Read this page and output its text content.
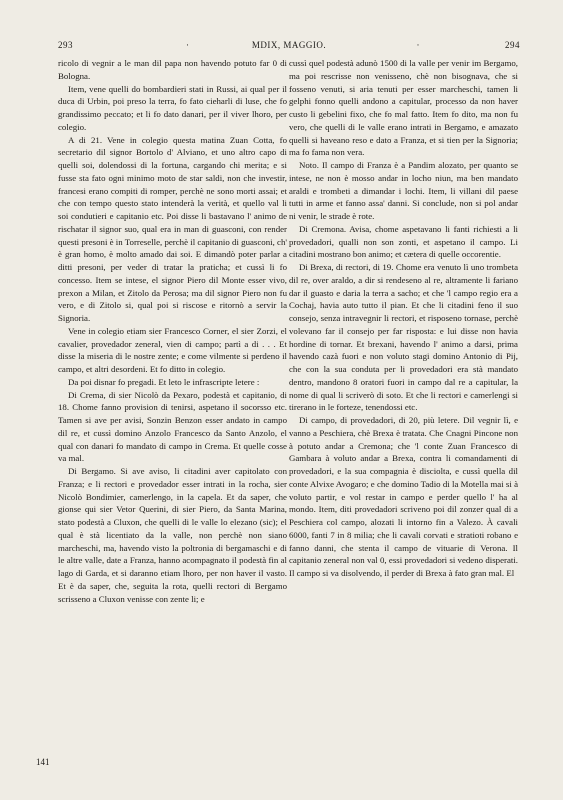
293	·	MDIX, MAGGIO.	·	294

ricolo di vegnir a le man dil papa non havendo potuto far 0 di Bologna.

Item, vene quelli do bombardieri stati in Russi, ai qual per il duca di Urbin, poi preso la terra, fo fato cieharli di luse, che fo grandissimo peccato; et li fo dato danari, per il viver lhoro, per colegio.

A di 21. Vene in colegio questa matina Zuan Cotta, fo secretario dil signor Bortolo d' Alviano, et uno altro capo di quelli soi, dolendossi di la fortuna, cargando chi merita; e si fusse sta fato ogni minimo moto de star saldi, non che investir, francesi erano compiti di romper, perchè ne sono morti assai; et che con tempo questo stato intenderà la verità, et quello val li soi condutieri e capitanio etc. Poi disse li bastavano l' animo de rischatar il signor suo, qual era in man di guasconi, con render questi presoni è in Torreselle, perchè il capitanio di guasconi, ch' è gran homo, è molto amado dai soi. E dimandò poter parlar a ditti presoni, per veder di tratar la praticha; et cussì li fo concesso. Item se intese, el signor Piero dil Monte esser vivo, prexon a Milan, et Zitolo da Perosa; ma dil signor Piero non fu vero, e di Zitolo si, qual poi si riscose e ritornò a servir la Signoria.

Vene in colegio etiam sier Francesco Corner, el sier Zorzi, el cavalier, provedador zeneral, vien di campo; partì a di . . . Et disse la miseria di le nostre zente; e come vilmente si perdeno il campo, et altri desordeni. Et fo ditto in colegio.

Da poi disnar fo pregadi. Et leto le infrascripte letere :

Di Crema, di sier Nicolò da Pexaro, podestà et capitanio, di 18. Chome fanno provision di tenirsi, aspetano il socorsso etc. Tamen si ave per avisi, Sonzin Benzon esser andato in campo dil re, et cussì domino Anzolo Francesco da Santo Anzolo, el qual con danari fo mandato di campo in Crema. Et quelle cosse va mal.

Di Bergamo. Si ave aviso, li citadini aver capitolato con Franza; e li rectori e provedador esser intrati in la rocha, sier Nicolò Bondimier, camerlengo, in la capela. Et da saper, che gionse qui sier Vetor Querini, di sier Piero, da Santa Marina, stato podestà a Cluxon, che quelli di le valle lo elezano (sic); el qual è stà licentiato da la valle, non perchè non siano marcheschi, ma, havendo visto la poltronia di bergamaschi e di le altre valle, date a Franza, hanno acompagnato il podestà fin al lago di Garda, et si daranno etiam lhoro, per non haver il vasto. Et è da saper, che, seguita la rota, quelli rectori di Bergamo scrisseno a Cluxon venisse con zente li; e

cussì quel podestà adunò 1500 di la valle per venir im Bergamo, ma poi rescrisse non venisseno, chè non bisognava, che si fosseno venuti, si aria tenuti per esser marcheschi, tamen li gelphi fonno quelli andono a capitular, processo da non haver custo li gebelini fixo, che fo mal fatto. Item fo dito, ma non fu vero, che quelli di le valle erano intrati in Bergamo, e amazato quelli si haveano reso e dato a Franza, et si tien per la Signoria; ma fo fama non vera.

Noto. Il campo di Franza è a Pandim alozato, per quanto se intese, ne non è mosso andar in locho niun, ma ben mandato araldi e trombeti a dimandar i lochi. Item, li villani dil paese tutti in arme et fanno assa' danni. Si conclude, non si pol andar ni venir, le strade è rote.

Di Cremona. Avisa, chome aspetavano li fanti richiesti a li provedadori, qualli non son zonti, et aspetano il campo. Li citadini mostrano bon animo; et cætera di quelle occorentie.

Di Brexa, di rectori, di 19. Chome era venuto lì uno trombeta dil re, over araldo, a dir si rendeseno al re, altramente li fariano dar il guasto e daria la terra a sacho; et che 'l campo regio era a Cochaj, havia auto tutto il pian. Et che li citadini feno il suo consejo, senza intravegnir li rectori, et risposeno tornase, perchè volevano far il consejo per far risposta: e lui disse non havia hordine di tornar. Et brexani, havendo l' animo a darsi, prima havendo cazà fuori e non voluto stagi domino Antonio di Pij, che con la sua conduta per li provedadori era stà mandato dentro, mandono 8 oratori fuori in campo dal re a capitular, la nome di qual li scriverò di soto. Et che li rectori e camerlengi si tirerano in le forteze, tenendossi etc.

Di campo, di provedadori, di 20, più letere. Dil vegnir lì, e vanno a Peschiera, chè Brexa è tratata. Che Cnagni Pincone non à potuto andar a Cremona; che 'l conte Zuan Francesco di Gambara à voluto andar a Brexa, contra li comandamenti di provedadori, e la sua compagnia è disciolta, e cussì quella dil conte Alvixe Avogaro; e che domino Tadio di la Motella mai si à voluto partir, e vol restar in campo e perder quello l' ha al mondo. Item, diti provedadori scriveno poi dil zonzer qual di a Peschiera col campo, alozati li intorno fin a Valezo. À cavali 6000, fanti 7 in 8 milia; che li cavali corvati e stratioti robano e fanno danni, che stenta il campo de vituarie di Verona. Il capitanio zeneral non val 0, essi provedadori si vedeno disperati. Il campo si va disolvendo, il perder di Brexa à fato gran mal. El

141
